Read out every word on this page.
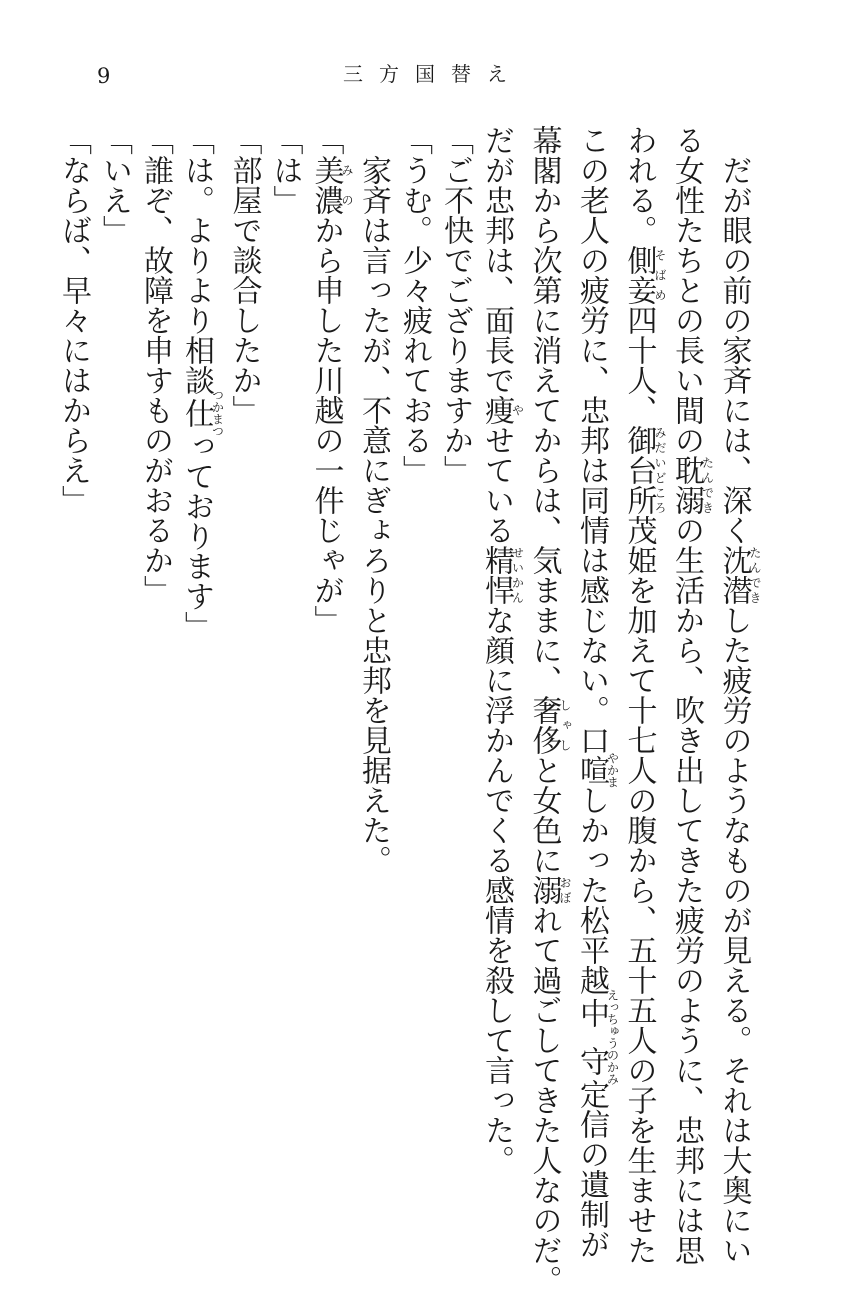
9	三方国替え
だが眼の前の家斉には、深く沈潜たんできした疲労のようなものが見える。それは大奥にい
る女性たちとの長い間の耽溺たんできの生活から、吹き出してきた疲労のように、忠邦には思
われる。側妾そばめ四十人、御台所みだいどころ茂姫を加えて十七人の腹から、五十五人の子を生ませた
この老人の疲労に、忠邦は同情は感じない。口喧やかましかった松平越中守えっちゅうのかみ定信の遺制が
幕閣から次第に消えてからは、気ままに、奢侈しゃしと女色に溺おぼれて過ごしてきた人なのだ。
だが忠邦は、面長で痩やせている精悍せいかんな顔に浮かんでくる感情を殺して言った。
「ご不快でござりますか」
「うむ。少々疲れておる」
家斉は言ったが、不意にぎょろりと忠邦を見据えた。
「美濃みのから申した川越の一件じゃが」
「は」
「部屋で談合したか」
「は。よりより相談仕つかまつっております」
「誰ぞ、故障を申すものがおるか」
「いえ」
「ならば、早々にはからえ」
